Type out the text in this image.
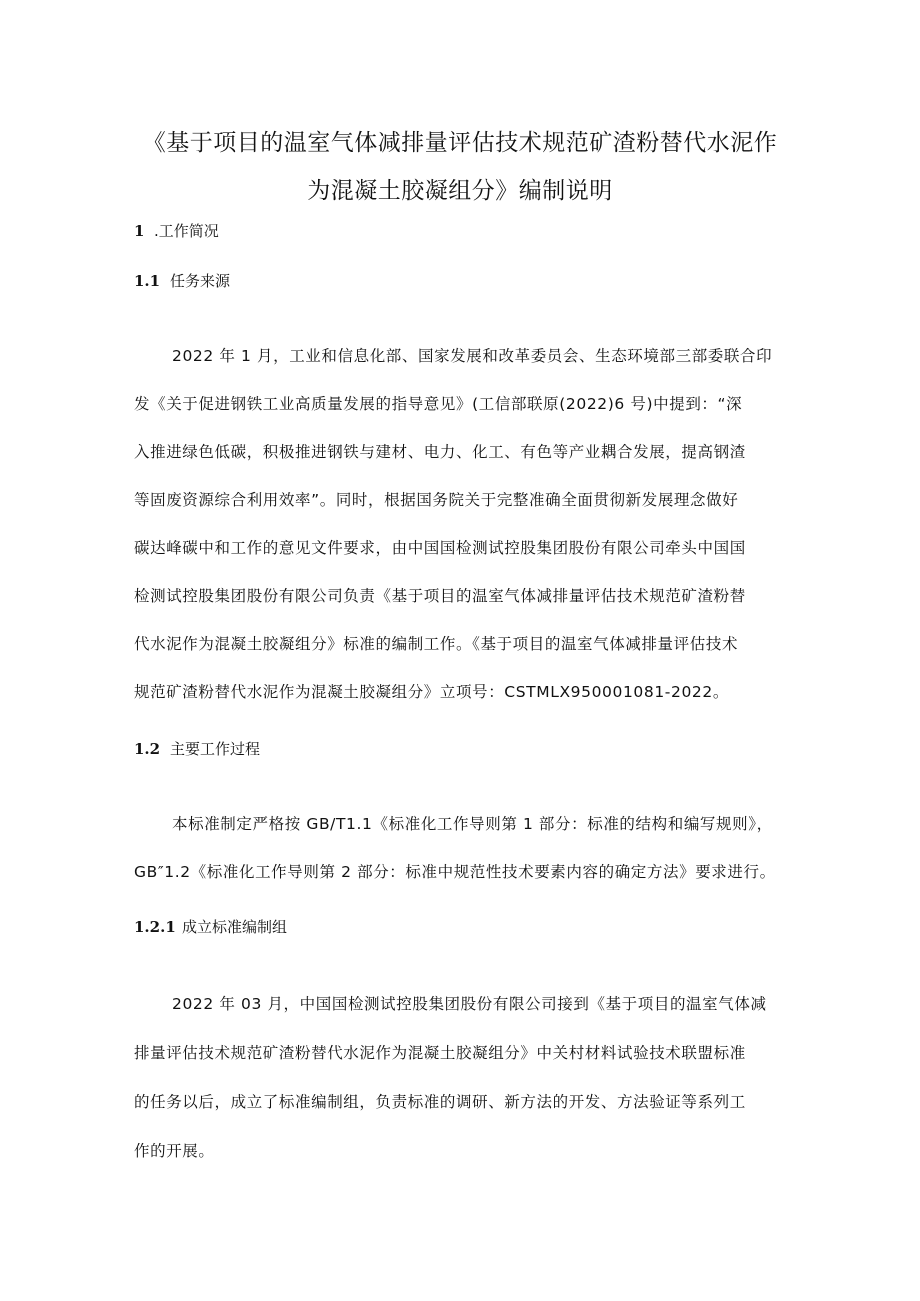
《基于项目的温室气体减排量评估技术规范矿渣粉替代水泥作
为混凝土胶凝组分》编制说明
1 .工作简况
1.1 任务来源
2022 年 1 月，工业和信息化部、国家发展和改革委员会、生态环境部三部委联合印
发《关于促进钢铁工业高质量发展的指导意见》(工信部联原(2022)6 号)中提到：“深
入推进绿色低碳，积极推进钢铁与建材、电力、化工、有色等产业耦合发展，提高钢渣
等固废资源综合利用效率”。同时，根据国务院关于完整准确全面贯彻新发展理念做好
碳达峰碳中和工作的意见文件要求，由中国国检测试控股集团股份有限公司牵头中国国
检测试控股集团股份有限公司负责《基于项目的温室气体减排量评估技术规范矿渣粉替
代水泥作为混凝土胶凝组分》标准的编制工作。《基于项目的温室气体减排量评估技术
规范矿渣粉替代水泥作为混凝土胶凝组分》立项号：CSTMLX950001081-2022。
1.2 主要工作过程
本标准制定严格按 GB/T1.1《标准化工作导则第 1 部分：标准的结构和编写规则》，
GB″1.2《标准化工作导则第 2 部分：标准中规范性技术要素内容的确定方法》要求进行。
1.2.1 成立标准编制组
2022 年 03 月，中国国检测试控股集团股份有限公司接到《基于项目的温室气体减
排量评估技术规范矿渣粉替代水泥作为混凝土胶凝组分》中关村材料试验技术联盟标准
的任务以后，成立了标准编制组，负责标准的调研、新方法的开发、方法验证等系列工
作的开展。
